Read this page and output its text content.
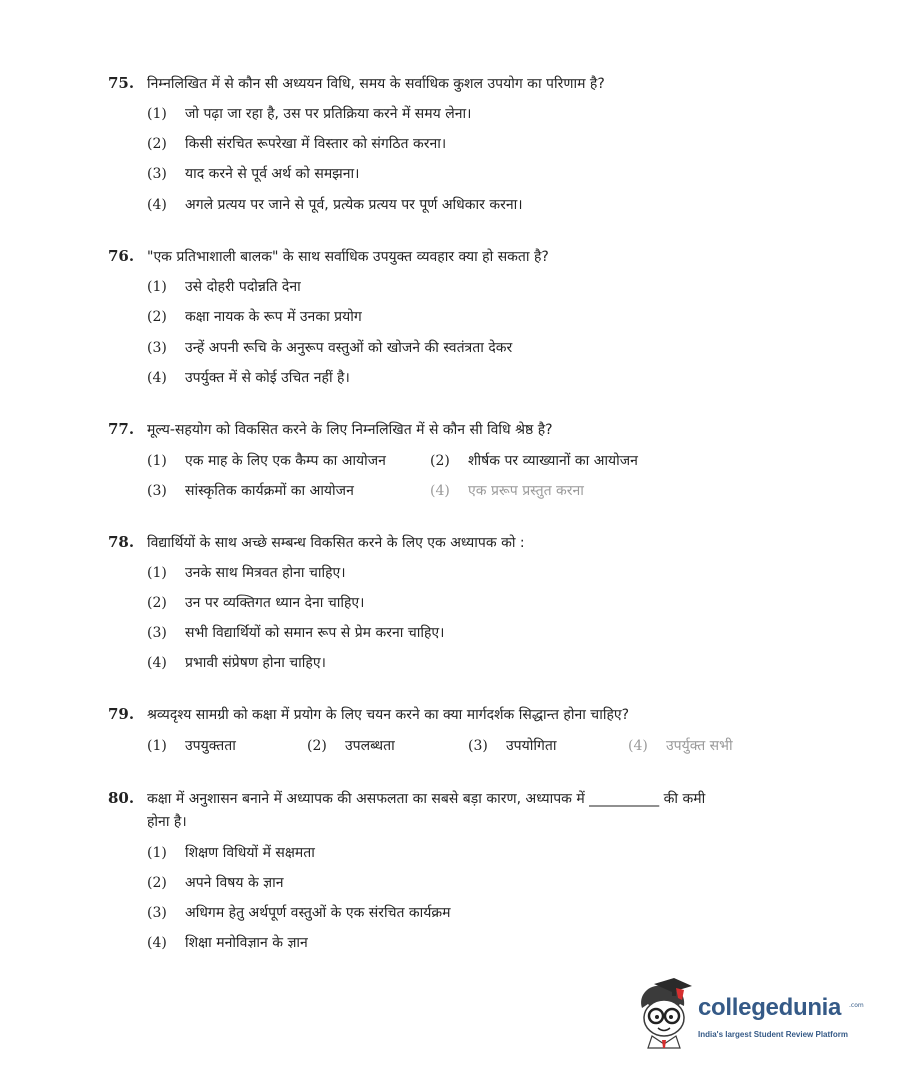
75. निम्नलिखित में से कौन सी अध्ययन विधि, समय के सर्वाधिक कुशल उपयोग का परिणाम है?
(1) जो पढ़ा जा रहा है, उस पर प्रतिक्रिया करने में समय लेना।
(2) किसी संरचित रूपरेखा में विस्तार को संगठित करना।
(3) याद करने से पूर्व अर्थ को समझना।
(4) अगले प्रत्यय पर जाने से पूर्व, प्रत्येक प्रत्यय पर पूर्ण अधिकार करना।
76. "एक प्रतिभाशाली बालक" के साथ सर्वाधिक उपयुक्त व्यवहार क्या हो सकता है?
(1) उसे दोहरी पदोन्नति देना
(2) कक्षा नायक के रूप में उनका प्रयोग
(3) उन्हें अपनी रूचि के अनुरूप वस्तुओं को खोजने की स्वतंत्रता देकर
(4) उपर्युक्त में से कोई उचित नहीं है।
77. मूल्य-सहयोग को विकसित करने के लिए निम्नलिखित में से कौन सी विधि श्रेष्ठ है?
(1) एक माह के लिए एक कैम्प का आयोजन	(2) शीर्षक पर व्याख्यानों का आयोजन
(3) सांस्कृतिक कार्यक्रमों का आयोजन	(4) एक प्ररूप प्रस्तुत करना
78. विद्यार्थियों के साथ अच्छे सम्बन्ध विकसित करने के लिए एक अध्यापक को :
(1) उनके साथ मित्रवत होना चाहिए।
(2) उन पर व्यक्तिगत ध्यान देना चाहिए।
(3) सभी विद्यार्थियों को समान रूप से प्रेम करना चाहिए।
(4) प्रभावी संप्रेषण होना चाहिए।
79. श्रव्यदृश्य सामग्री को कक्षा में प्रयोग के लिए चयन करने का क्या मार्गदर्शक सिद्धान्त होना चाहिए?
(1) उपयुक्तता	(2) उपलब्धता	(3) उपयोगिता	(4) उपर्युक्त सभी
80. कक्षा में अनुशासन बनाने में अध्यापक की असफलता का सबसे बड़ा कारण, अध्यापक में __________ की कमी
होना है।
(1) शिक्षण विधियों में सक्षमता
(2) अपने विषय के ज्ञान
(3) अधिगम हेतु अर्थपूर्ण वस्तुओं के एक संरचित कार्यक्रम
(4) शिक्षा मनोविज्ञान के ज्ञान
collegedunia .com
India's largest Student Review Platform
